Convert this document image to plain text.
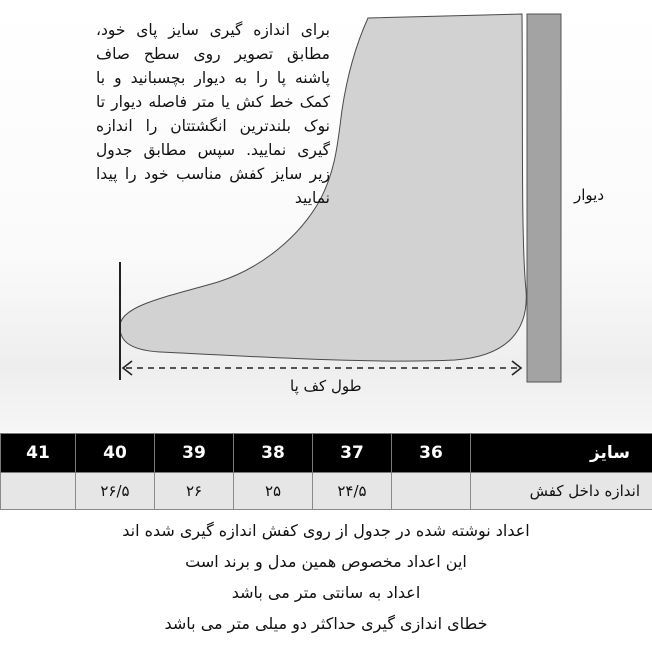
برای اندازه گیری سایز پای خود، مطابق تصویر روی سطح صاف پاشنه پا را به دیوار بچسبانید و با کمک خط کش یا متر فاصله دیوار تا نوک بلندترین انگشتتان را اندازه گیری نمایید. سپس مطابق جدول زیر سایز کفش مناسب خود را پیدا نمایید	دیوار
طول کف پا
سایز	36	37	38	39	40	41
اندازه داخل کفش		۲۴/۵	۲۵	۲۶	۲۶/۵	
اعداد نوشته شده در جدول از روی کفش اندازه گیری شده اند
این اعداد مخصوص همین مدل و برند است
اعداد به سانتی متر می باشد
خطای اندازی گیری حداکثر دو میلی متر می باشد
